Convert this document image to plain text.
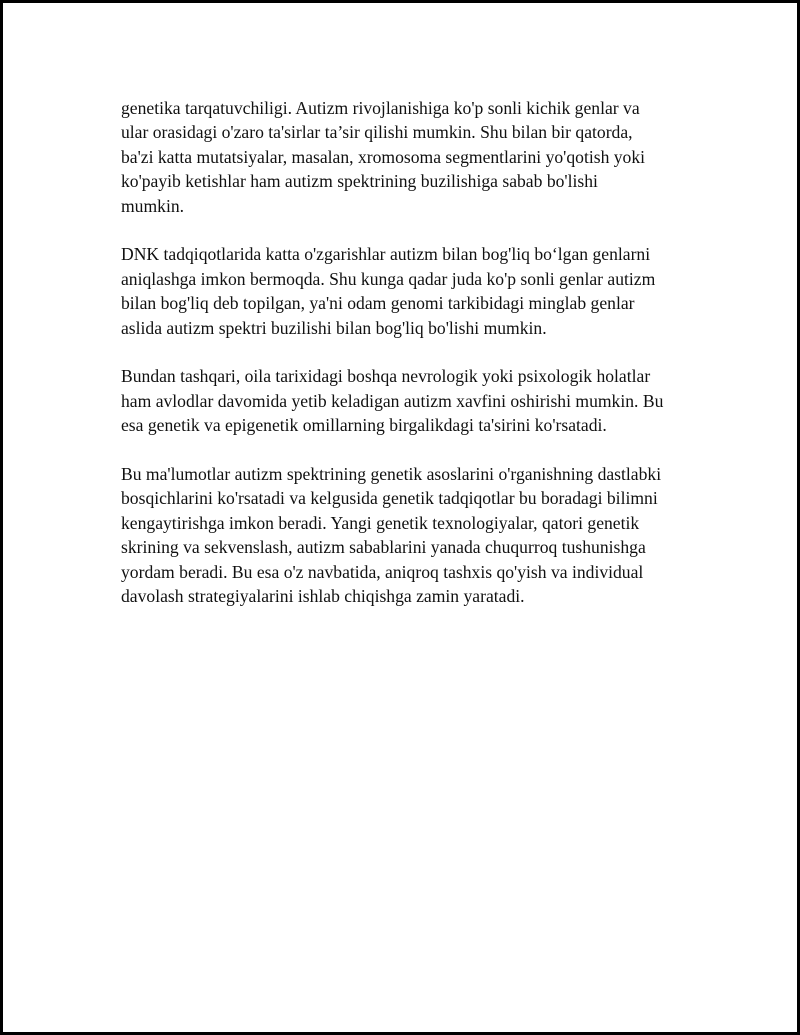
genetika tarqatuvchiligi. Autizm rivojlanishiga ko'p sonli kichik genlar va
ular orasidagi o'zaro ta'sirlar ta’sir qilishi mumkin. Shu bilan bir qatorda,
ba'zi katta mutatsiyalar, masalan, xromosoma segmentlarini yo'qotish yoki
ko'payib ketishlar ham autizm spektrining buzilishiga sabab bo'lishi
mumkin.

DNK tadqiqotlarida katta o'zgarishlar autizm bilan bog'liq bo‘lgan genlarni
aniqlashga imkon bermoqda. Shu kunga qadar juda ko'p sonli genlar autizm
bilan bog'liq deb topilgan, ya'ni odam genomi tarkibidagi minglab genlar
aslida autizm spektri buzilishi bilan bog'liq bo'lishi mumkin.

Bundan tashqari, oila tarixidagi boshqa nevrologik yoki psixologik holatlar
ham avlodlar davomida yetib keladigan autizm xavfini oshirishi mumkin. Bu
esa genetik va epigenetik omillarning birgalikdagi ta'sirini ko'rsatadi.

Bu ma'lumotlar autizm spektrining genetik asoslarini o'rganishning dastlabki
bosqichlarini ko'rsatadi va kelgusida genetik tadqiqotlar bu boradagi bilimni
kengaytirishga imkon beradi. Yangi genetik texnologiyalar, qatori genetik
skrining va sekvenslash, autizm sabablarini yanada chuqurroq tushunishga
yordam beradi. Bu esa o'z navbatida, aniqroq tashxis qo'yish va individual
davolash strategiyalarini ishlab chiqishga zamin yaratadi.
